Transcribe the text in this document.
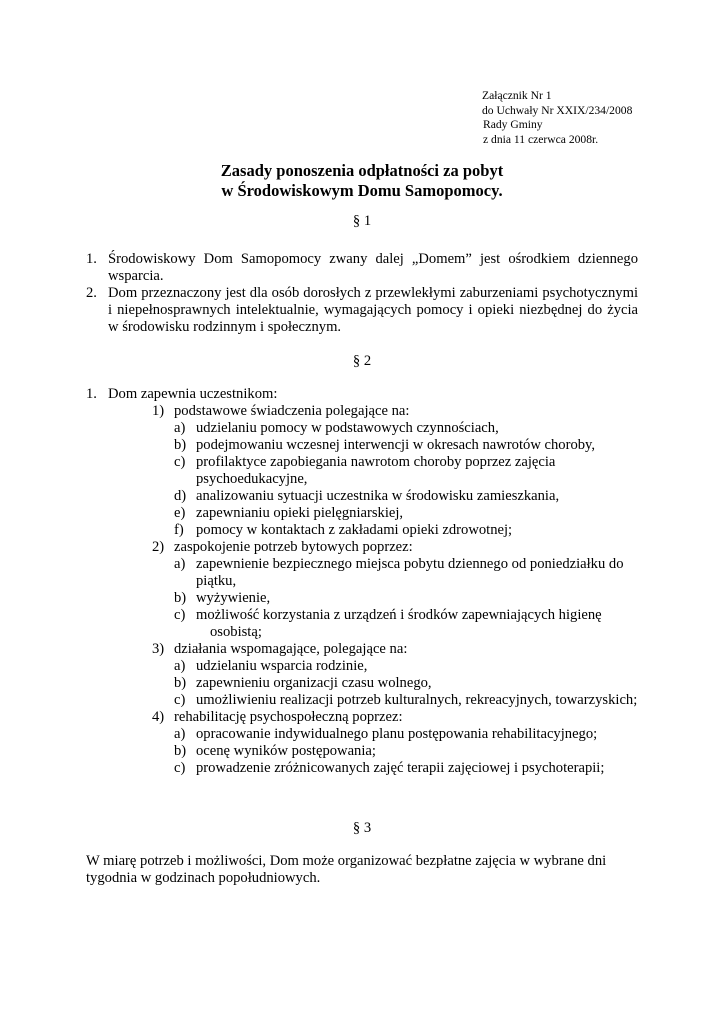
Załącznik Nr 1
do Uchwały Nr XXIX/234/2008
Rady Gminy
z dnia 11 czerwca 2008r.
Zasady ponoszenia odpłatności za pobyt
w Środowiskowym Domu Samopomocy.
§ 1
1. Środowiskowy Dom Samopomocy zwany dalej „Domem” jest ośrodkiem dziennego
wsparcia.
2. Dom przeznaczony jest dla osób dorosłych z przewlekłymi zaburzeniami psychotycznymi
i niepełnosprawnych intelektualnie, wymagających pomocy i opieki niezbędnej do życia
w środowisku rodzinnym i społecznym.
§ 2
1. Dom zapewnia uczestnikom:
1) podstawowe świadczenia polegające na:
a) udzielaniu pomocy w podstawowych czynnościach,
b) podejmowaniu wczesnej interwencji w okresach nawrotów choroby,
c) profilaktyce zapobiegania nawrotom choroby poprzez zajęcia
psychoedukacyjne,
d) analizowaniu sytuacji uczestnika w środowisku zamieszkania,
e) zapewnianiu opieki pielęgniarskiej,
f) pomocy w kontaktach z zakładami opieki zdrowotnej;
2) zaspokojenie potrzeb bytowych poprzez:
a) zapewnienie bezpiecznego miejsca pobytu dziennego od poniedziałku do
piątku,
b) wyżywienie,
c) możliwość korzystania z urządzeń i środków zapewniających higienę
osobistą;
3) działania wspomagające, polegające na:
a) udzielaniu wsparcia rodzinie,
b) zapewnieniu organizacji czasu wolnego,
c) umożliwieniu realizacji potrzeb kulturalnych, rekreacyjnych, towarzyskich;
4) rehabilitację psychospołeczną poprzez:
a) opracowanie indywidualnego planu postępowania rehabilitacyjnego;
b) ocenę wyników postępowania;
c) prowadzenie zróżnicowanych zajęć terapii zajęciowej i psychoterapii;
§ 3
W miarę potrzeb i możliwości, Dom może organizować bezpłatne zajęcia w wybrane dni
tygodnia w godzinach popołudniowych.
